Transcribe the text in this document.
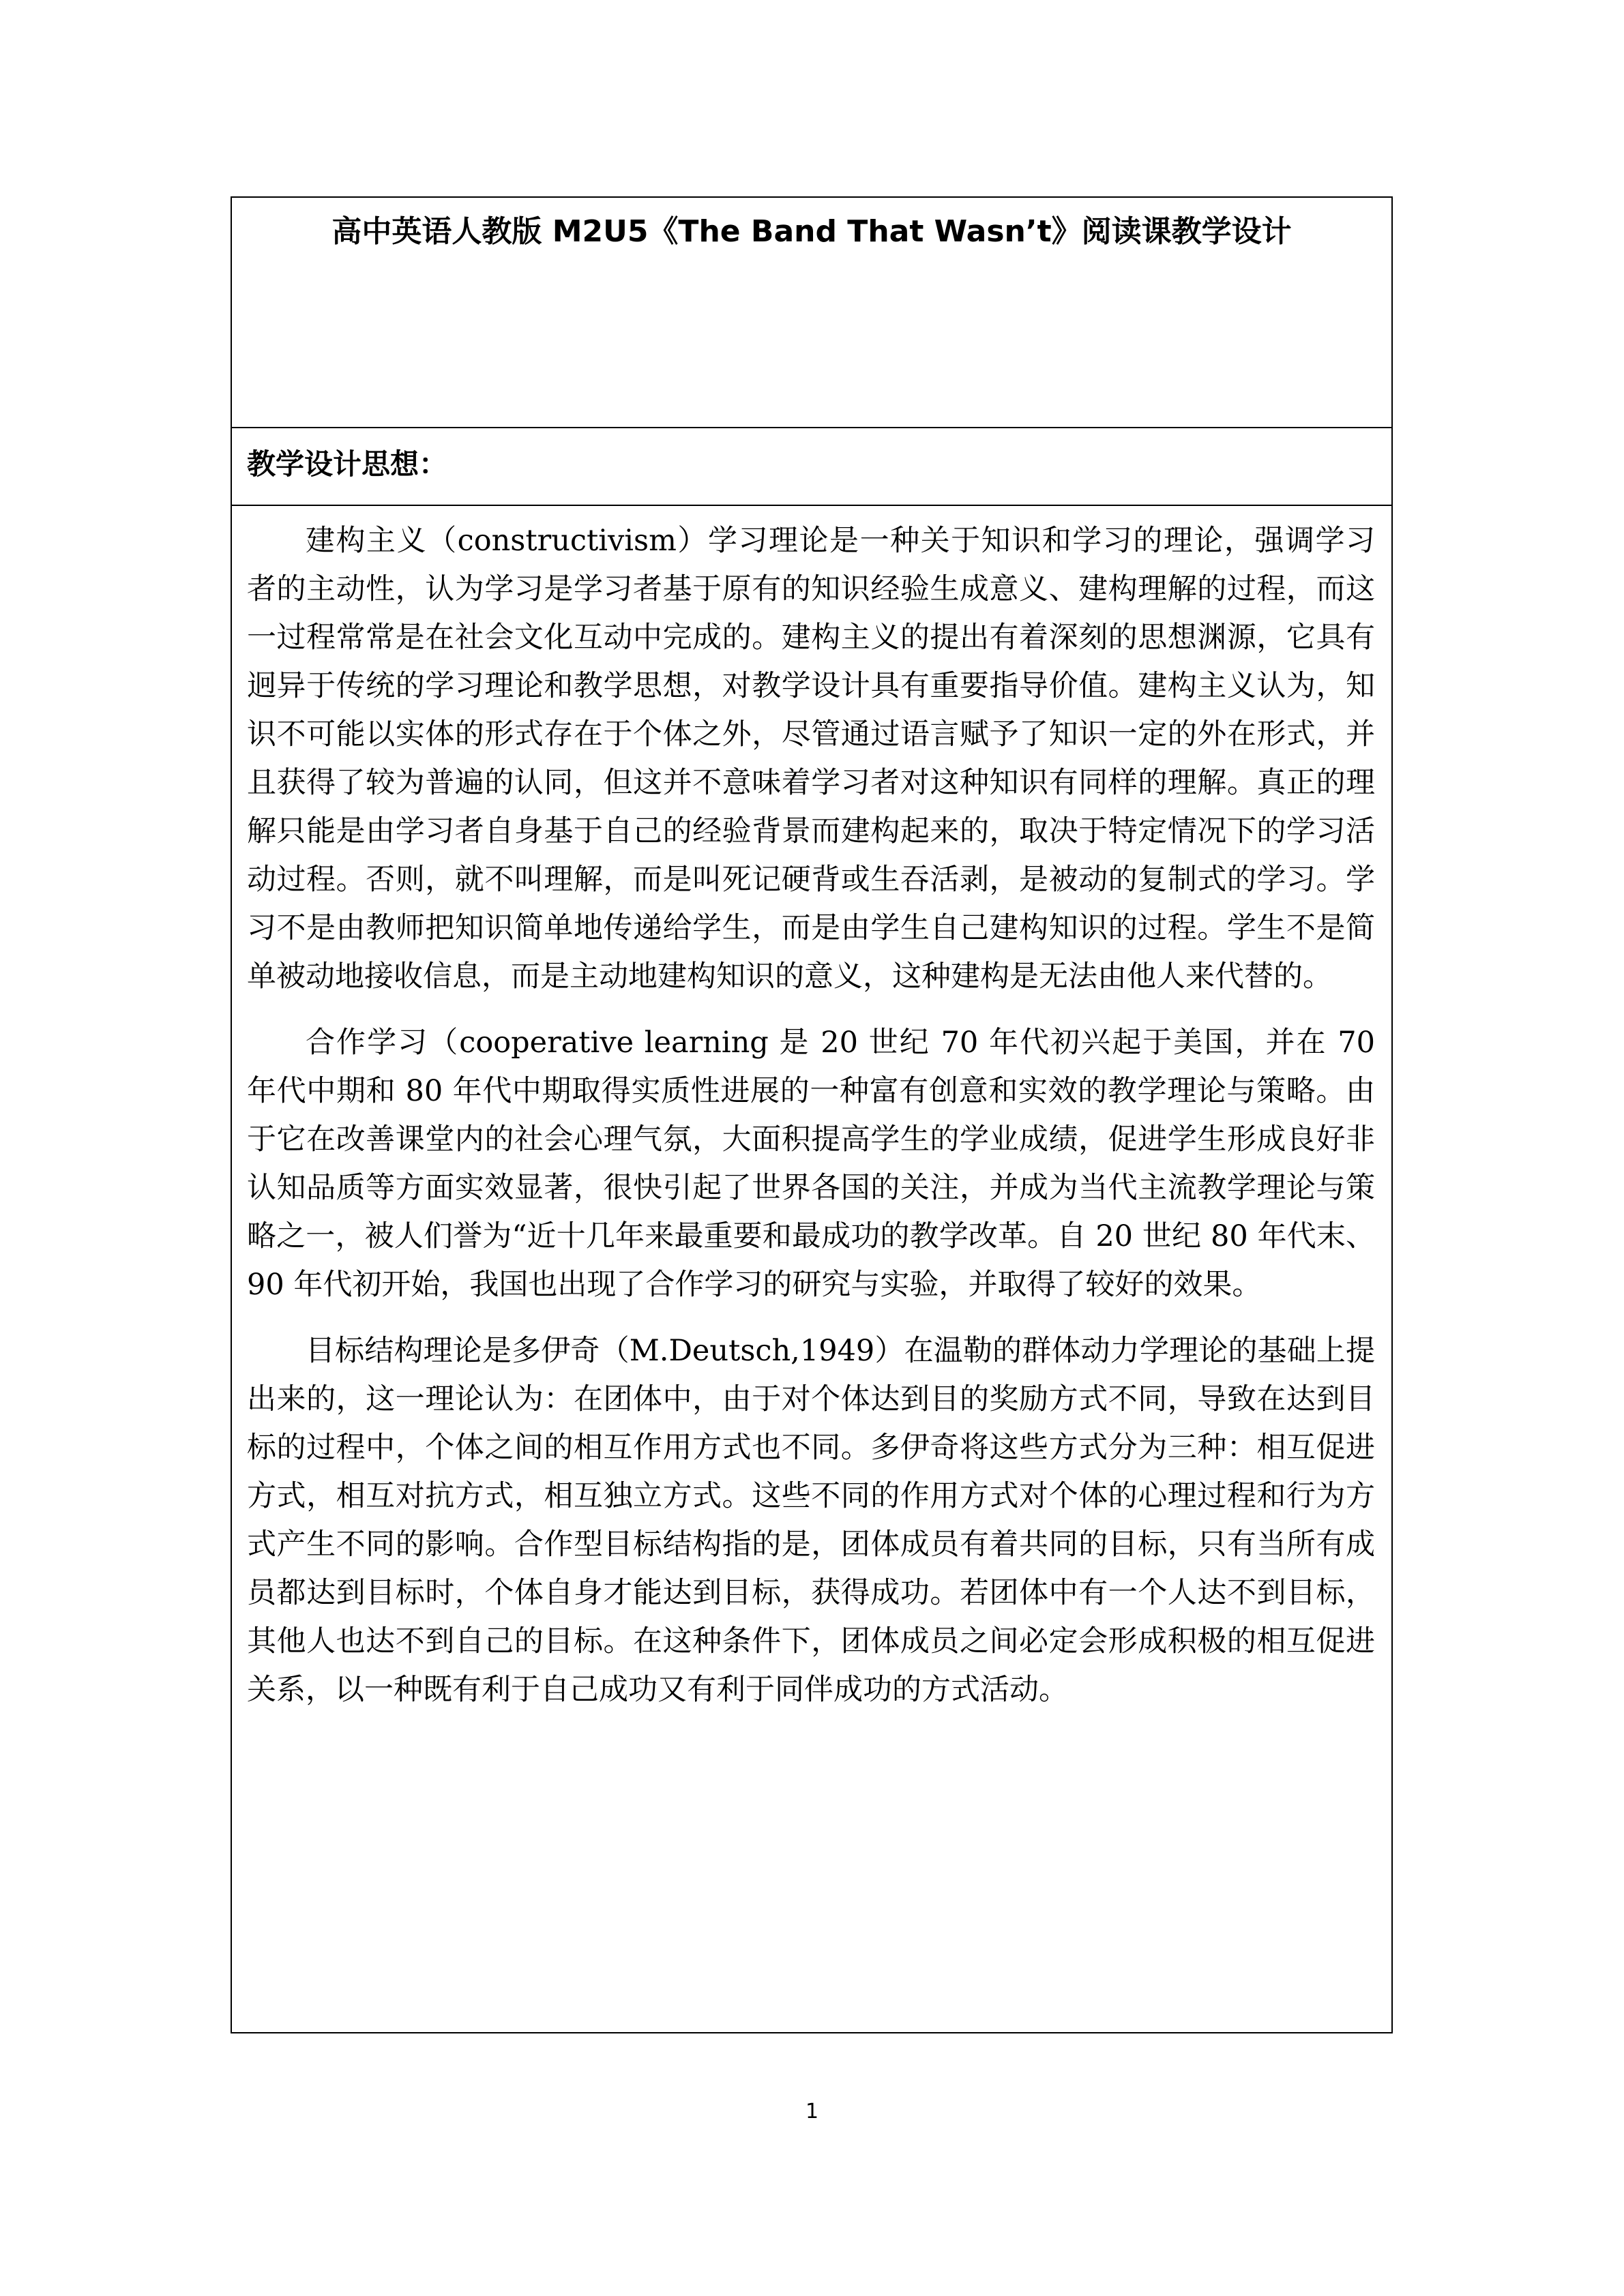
高中英语人教版 M2U5《The Band That Wasn’t》阅读课教学设计
教学设计思想：

建构主义（constructivism）学习理论是一种关于知识和学习的理论，强调学习者的主动性，认为学习是学习者基于原有的知识经验生成意义、建构理解的过程，而这一过程常常是在社会文化互动中完成的。建构主义的提出有着深刻的思想渊源，它具有迥异于传统的学习理论和教学思想，对教学设计具有重要指导价值。建构主义认为，知识不可能以实体的形式存在于个体之外，尽管通过语言赋予了知识一定的外在形式，并且获得了较为普遍的认同，但这并不意味着学习者对这种知识有同样的理解。真正的理解只能是由学习者自身基于自己的经验背景而建构起来的，取决于特定情况下的学习活动过程。否则，就不叫理解，而是叫死记硬背或生吞活剥，是被动的复制式的学习。学习不是由教师把知识简单地传递给学生，而是由学生自己建构知识的过程。学生不是简单被动地接收信息，而是主动地建构知识的意义，这种建构是无法由他人来代替的。

合作学习（cooperative learning 是 20 世纪 70 年代初兴起于美国，并在 70 年代中期和 80 年代中期取得实质性进展的一种富有创意和实效的教学理论与策略。由于它在改善课堂内的社会心理气氛，大面积提高学生的学业成绩，促进学生形成良好非认知品质等方面实效显著，很快引起了世界各国的关注，并成为当代主流教学理论与策略之一，被人们誉为“近十几年来最重要和最成功的教学改革。自 20 世纪 80 年代末、90 年代初开始，我国也出现了合作学习的研究与实验，并取得了较好的效果。

目标结构理论是多伊奇（M.Deutsch,1949）在温勒的群体动力学理论的基础上提出来的，这一理论认为：在团体中，由于对个体达到目的奖励方式不同，导致在达到目标的过程中，个体之间的相互作用方式也不同。多伊奇将这些方式分为三种：相互促进方式，相互对抗方式，相互独立方式。这些不同的作用方式对个体的心理过程和行为方式产生不同的影响。合作型目标结构指的是，团体成员有着共同的目标，只有当所有成员都达到目标时，个体自身才能达到目标，获得成功。若团体中有一个人达不到目标，其他人也达不到自己的目标。在这种条件下，团体成员之间必定会形成积极的相互促进关系，以一种既有利于自己成功又有利于同伴成功的方式活动。

1
